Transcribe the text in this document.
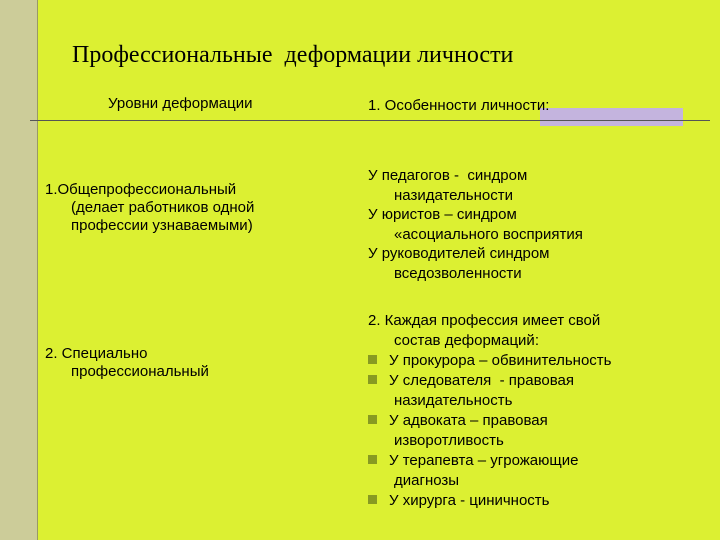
Профессиональные  деформации личности
Уровни деформации	1. Особенности личности:
1.Общепрофессиональный
(делает работников одной
профессии узнаваемыми)
У педагогов -  синдром
назидательности
У юристов – синдром
«асоциального восприятия
У руководителей синдром
вседозволенности
2. Специально
профессиональный
2. Каждая профессия имеет свой
состав деформаций:
У прокурора – обвинительность
У следователя  - правовая
назидательность
У адвоката – правовая
изворотливость
У терапевта – угрожающие
диагнозы
У хирурга - циничность
